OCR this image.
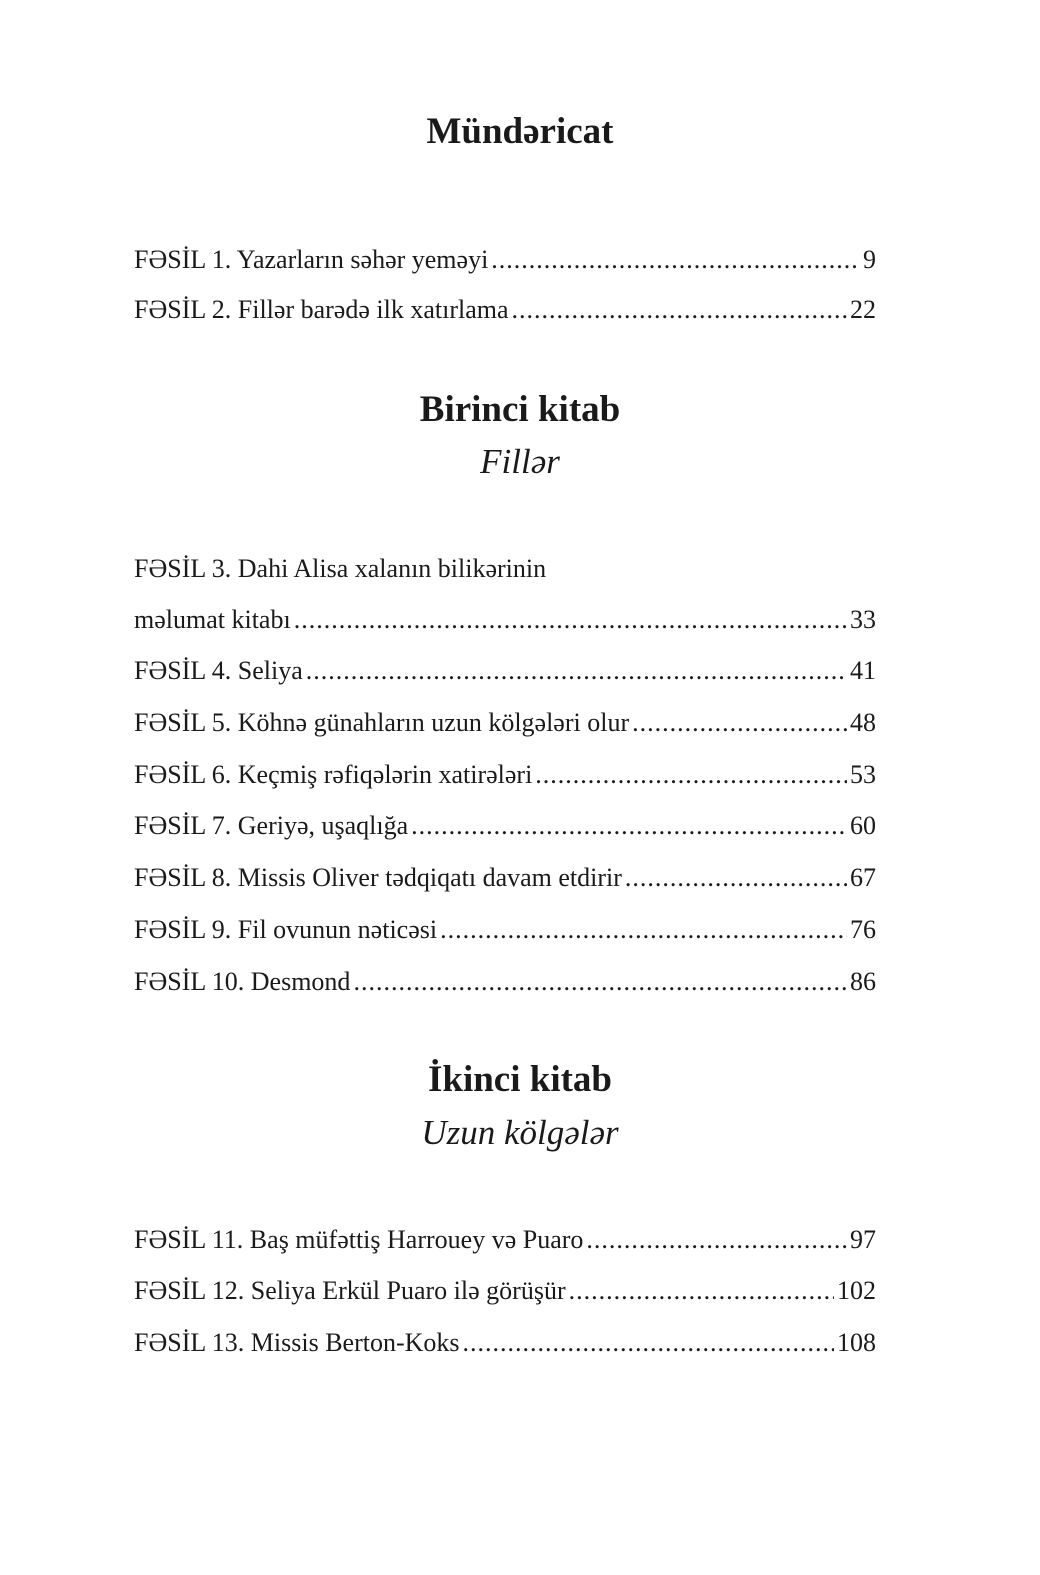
Mündəricat
FƏSİL 1. Yazarların səhər yeməyi .....	9
FƏSİL 2. Fillər barədə ilk xatırlama .....	22
Birinci kitab
Fillər
FƏSİL 3. Dahi Alisa xalanın bilikərinin
məlumat kitabı .....	33
FƏSİL 4. Seliya .....	41
FƏSİL 5. Köhnə günahların uzun kölgələri olur .....	48
FƏSİL 6. Keçmiş rəfiqələrin xatirələri .....	53
FƏSİL 7. Geriyə, uşaqlığa .....	60
FƏSİL 8. Missis Oliver tədqiqatı davam etdirir .....	67
FƏSİL 9. Fil ovunun nəticəsi .....	76
FƏSİL 10. Desmond .....	86
İkinci kitab
Uzun kölgələr
FƏSİL 11. Baş müfəttiş Harrouey və Puaro .....	97
FƏSİL 12. Seliya Erkül Puaro ilə görüşür .....	102
FƏSİL 13. Missis Berton-Koks .....	108
